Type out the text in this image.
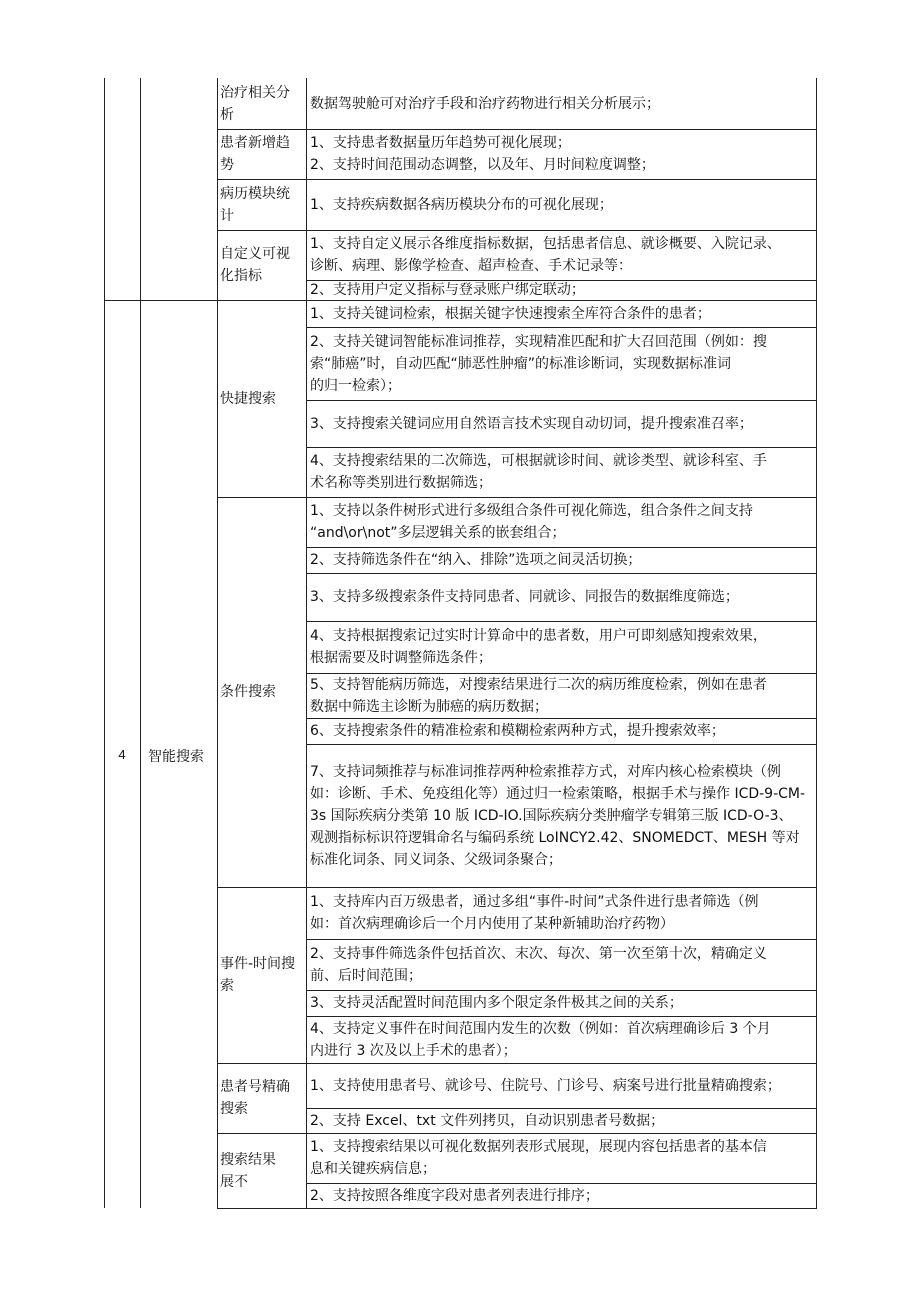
治疗相关分
析
数据驾驶舱可对治疗手段和治疗药物进行相关分析展示；
患者新增趋
势
1、支持患者数据量历年趋势可视化展现；
2、支持时间范围动态调整，以及年、月时间粒度调整；
病历模块统
计
1、支持疾病数据各病历模块分布的可视化展现；
自定义可视
化指标
1、支持自定义展示各维度指标数据，包括患者信息、就诊概要、入院记录、
诊断、病理、影像学检查、超声检查、手术记录等：
2、支持用户定义指标与登录账户绑定联动；
快捷搜索
1、支持关键词检索，根据关键字快速搜索全库符合条件的患者；
2、支持关键词智能标准词推荐，实现精准匹配和扩大召回范围（例如：搜
索“肺癌”时，自动匹配“肺恶性肿瘤”的标准诊断词，实现数据标准词
的归一检索）；
3、支持搜索关键词应用自然语言技术实现自动切词，提升搜索准召率；
4、支持搜索结果的二次筛选，可根据就诊时间、就诊类型、就诊科室、手
术名称等类别进行数据筛选；
条件搜索
1、支持以条件树形式进行多级组合条件可视化筛选，组合条件之间支持
“and\or\not”多层逻辑关系的嵌套组合；
2、支持筛选条件在“纳入、排除”选项之间灵活切换；
3、支持多级搜索条件支持同患者、同就诊、同报告的数据维度筛选；
4、支持根据搜索记过实时计算命中的患者数，用户可即刻感知搜索效果，
根据需要及时调整筛选条件；
5、支持智能病历筛选，对搜索结果进行二次的病历维度检索，例如在患者
数据中筛选主诊断为肺癌的病历数据；
6、支持搜索条件的精准检索和模糊检索两种方式，提升搜索效率；
7、支持词频推荐与标准词推荐两种检索推荐方式，对库内核心检索模块（例
如：诊断、手术、免疫组化等）通过归一检索策略，根据手术与操作 ICD-9-CM-
3s 国际疾病分类第 10 版 ICD-IO.国际疾病分类肿瘤学专辑第三版 ICD-O-3、
观测指标标识符逻辑命名与编码系统 LoINCY2.42、SNOMEDCT、MESH 等对
标准化词条、同义词条、父级词条聚合；
事件-时间搜
索
1、支持库内百万级患者，通过多组“事件-时间”式条件进行患者筛选（例
如：首次病理确诊后一个月内使用了某种新辅助治疗药物）
2、支持事件筛选条件包括首次、末次、每次、第一次至第十次，精确定义
前、后时间范围；
3、支持灵活配置时间范围内多个限定条件极其之间的关系；
4、支持定义事件在时间范围内发生的次数（例如：首次病理确诊后 3 个月
内进行 3 次及以上手术的患者）；
患者号精确
搜索
1、支持使用患者号、就诊号、住院号、门诊号、病案号进行批量精确搜索；
2、支持 Excel、txt 文件列拷贝，自动识别患者号数据；
搜索结果
展不
1、支持搜索结果以可视化数据列表形式展现，展现内容包括患者的基本信
息和关键疾病信息；
2、支持按照各维度字段对患者列表进行排序；
4	智能搜索
